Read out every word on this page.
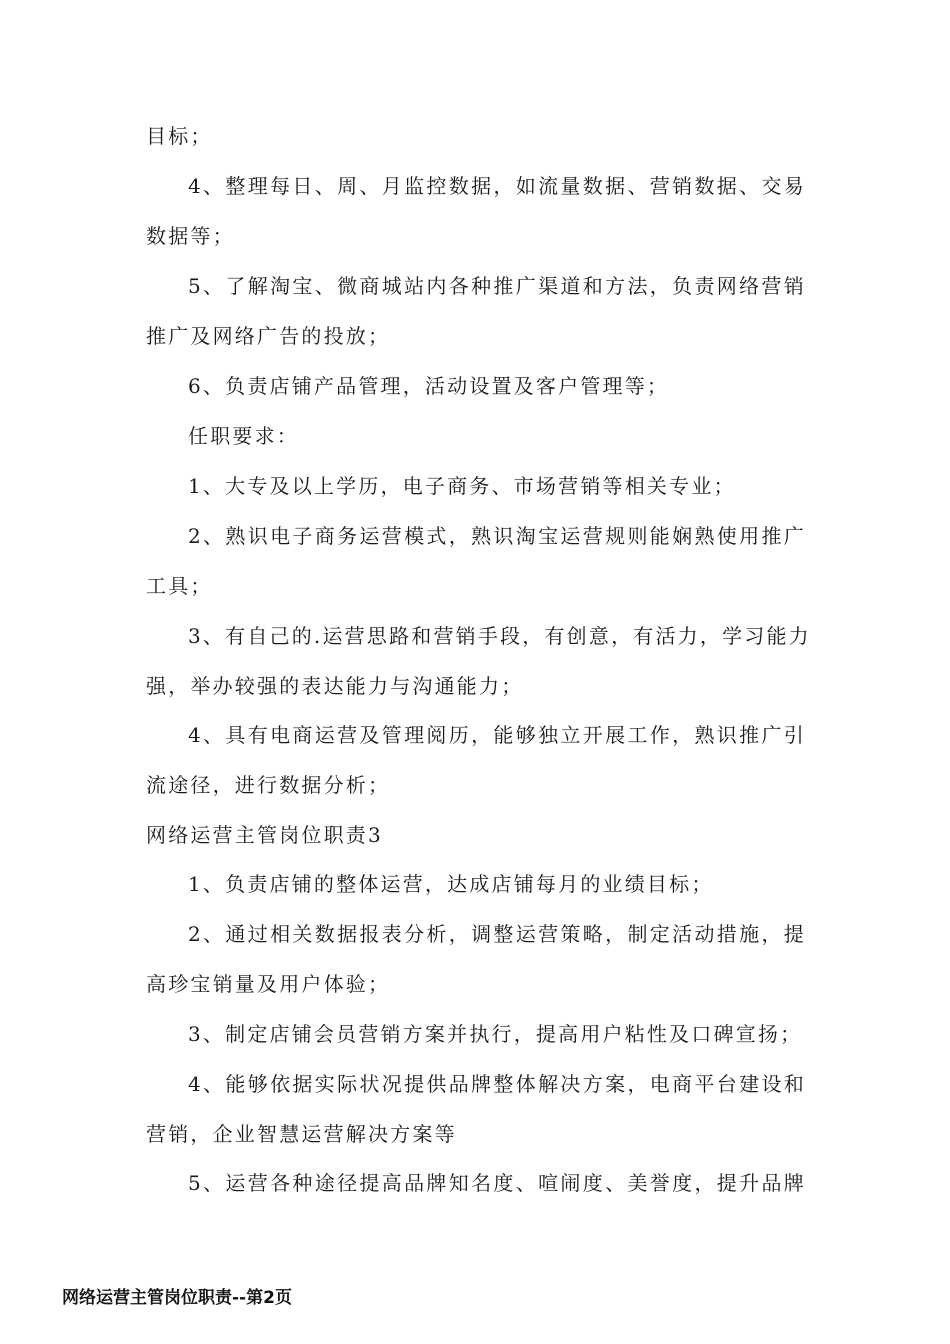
目标；
4、整理每日、周、月监控数据，如流量数据、营销数据、交易
数据等；
5、了解淘宝、微商城站内各种推广渠道和方法，负责网络营销
推广及网络广告的投放；
6、负责店铺产品管理，活动设置及客户管理等；
任职要求：
1、大专及以上学历，电子商务、市场营销等相关专业；
2、熟识电子商务运营模式，熟识淘宝运营规则能娴熟使用推广
工具；
3、有自己的.运营思路和营销手段，有创意，有活力，学习能力
强，举办较强的表达能力与沟通能力；
4、具有电商运营及管理阅历，能够独立开展工作，熟识推广引
流途径，进行数据分析；
网络运营主管岗位职责3
1、负责店铺的整体运营，达成店铺每月的业绩目标；
2、通过相关数据报表分析，调整运营策略，制定活动措施，提
高珍宝销量及用户体验；
3、制定店铺会员营销方案并执行，提高用户粘性及口碑宣扬；
4、能够依据实际状况提供品牌整体解决方案，电商平台建设和
营销，企业智慧运营解决方案等
5、运营各种途径提高品牌知名度、喧闹度、美誉度，提升品牌
网络运营主管岗位职责--第2页
